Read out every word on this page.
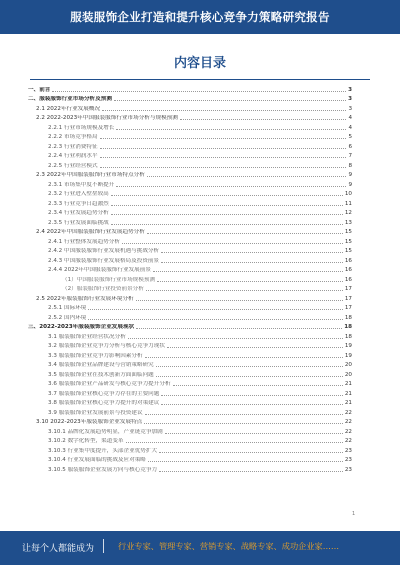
服装服饰企业打造和提升核心竞争力策略研究报告
内容目录
一、前言	3
二、服装服饰行业市场分析及预测	3
2.1 2022年行业发展概况	3
2.2 2022-2023年中国服装服饰行业市场分析与规模预测	4
2.2.1 行业市场规模及增长	4
2.2.2 市场竞争格局	5
2.2.3 行业消费特征	6
2.2.4 行业利润水平	7
2.2.5 行业经营模式	8
2.3 2022年中国服装服饰行业市场特点分析	9
2.3.1 市场集中度不断提升	9
2.3.2 行业进入壁垒较高	10
2.3.3 行业竞争日趋激烈	11
2.3.4 行业发展趋势分析	12
2.3.5 行业发展面临挑战	13
2.4 2022年中国服装服饰行业发展趋势分析	15
2.4.1 行业整体发展趋势分析	15
2.4.2 中国服装服饰行业发展机遇与挑战分析	15
2.4.3 中国服装服饰行业发展格局及投资前景	16
2.4.4 2022年中国服装服饰行业发展前景	16
（1）中国服装服饰行业市场规模预测	16
（2）服装服饰行业投资前景分析	17
2.5 2022年服装服饰行业发展环境分析	17
2.5.1 国际环境	17
2.5.2 国内环境	18
三、2022-2023年服装服饰企业发展现状	18
3.1 服装服饰企业经营状况分析	18
3.2 服装服饰企业竞争力分析与核心竞争力现状	19
3.3 服装服饰企业竞争力影响因素分析	19
3.4 服装服饰企业品牌建设与营销策略研究	20
3.5 服装服饰企业在技术创新方面面临问题	20
3.6 服装服饰企业产品研发与核心竞争力提升分析	21
3.7 服装服饰企业核心竞争力存在的主要问题	21
3.8 服装服饰企业核心竞争力提升的对策建议	21
3.9 服装服饰企业发展前景与投资建议	22
3.10 2022-2023年服装服饰企业发展特点	22
3.10.1 品牌化发展趋势明显，产业链竞争加剧	22
3.10.2 数字化转型，渠道变革	22
3.10.3 行业集中度提升，头部企业优势扩大	23
3.10.4 行业发展面临的挑战及应对策略	23
3.10.5 服装服饰企业发展方向与核心竞争力	23
1
让每个人都能成为	行业专家、管理专家、营销专家、战略专家、成功企业家……
